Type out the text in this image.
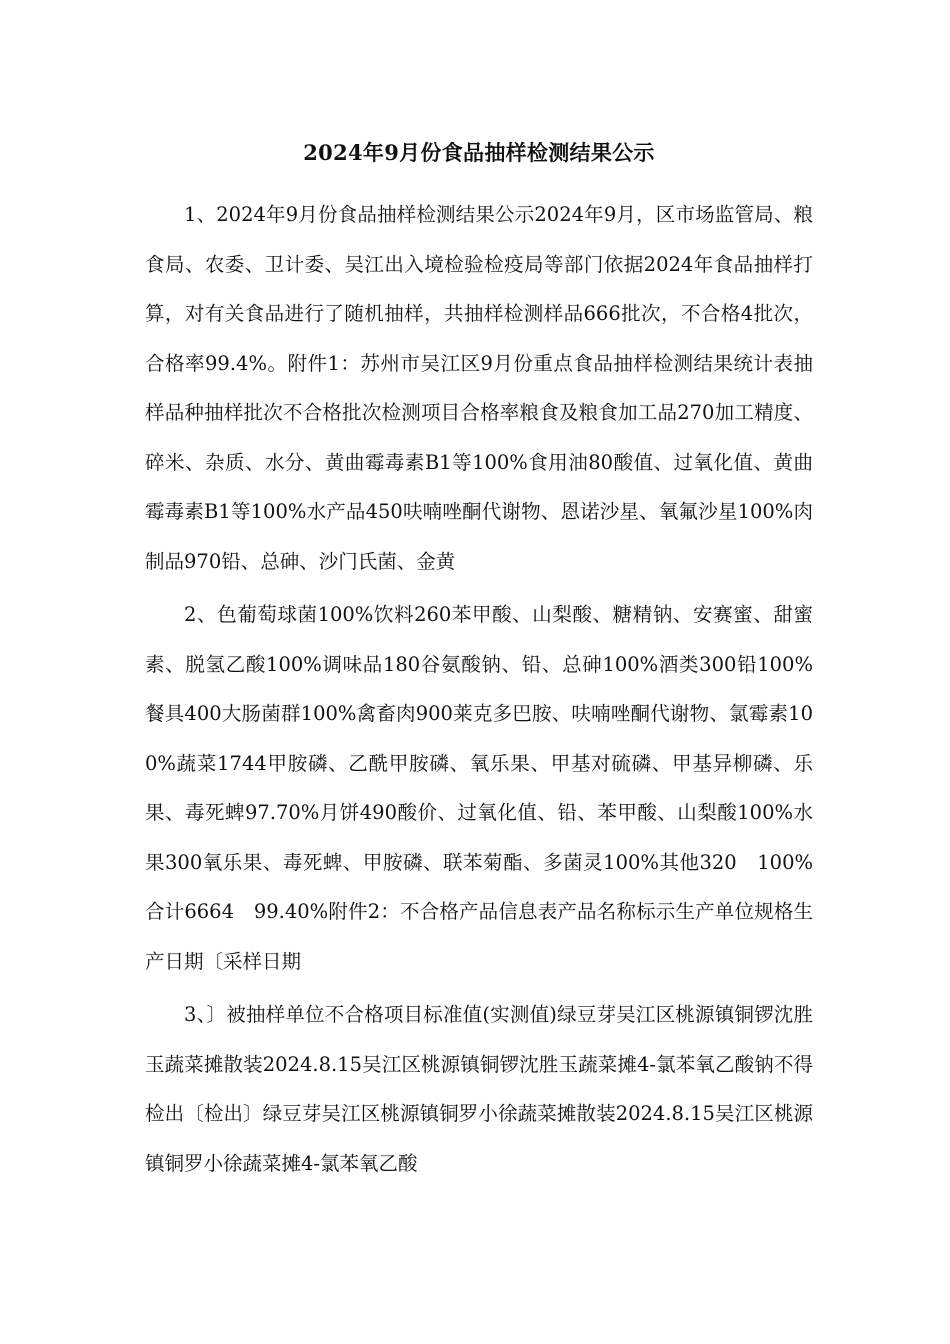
2024年9月份食品抽样检测结果公示

1、2024年9月份食品抽样检测结果公示2024年9月，区市场监管局、粮食局、农委、卫计委、吴江出入境检验检疫局等部门依据2024年食品抽样打算，对有关食品进行了随机抽样，共抽样检测样品666批次，不合格4批次，合格率99.4%。附件1：苏州市吴江区9月份重点食品抽样检测结果统计表抽样品种抽样批次不合格批次检测项目合格率粮食及粮食加工品270加工精度、碎米、杂质、水分、黄曲霉毒素B1等100%食用油80酸值、过氧化值、黄曲霉毒素B1等100%水产品450呋喃唑酮代谢物、恩诺沙星、氧氟沙星100%肉制品970铅、总砷、沙门氏菌、金黄

2、色葡萄球菌100%饮料260苯甲酸、山梨酸、糖精钠、安赛蜜、甜蜜素、脱氢乙酸100%调味品180谷氨酸钠、铅、总砷100%酒类300铅100%餐具400大肠菌群100%禽畜肉900莱克多巴胺、呋喃唑酮代谢物、氯霉素100%蔬菜1744甲胺磷、乙酰甲胺磷、氧乐果、甲基对硫磷、甲基异柳磷、乐果、毒死蜱97.70%月饼490酸价、过氧化值、铅、苯甲酸、山梨酸100%水果300氧乐果、毒死蜱、甲胺磷、联苯菊酯、多菌灵100%其他320　100%合计6664　99.40%附件2：不合格产品信息表产品名称标示生产单位规格生产日期〔采样日期

3、〕被抽样单位不合格项目标准值(实测值)绿豆芽吴江区桃源镇铜锣沈胜玉蔬菜摊散装2024.8.15吴江区桃源镇铜锣沈胜玉蔬菜摊4-氯苯氧乙酸钠不得检出〔检出〕绿豆芽吴江区桃源镇铜罗小徐蔬菜摊散装2024.8.15吴江区桃源镇铜罗小徐蔬菜摊4-氯苯氧乙酸
